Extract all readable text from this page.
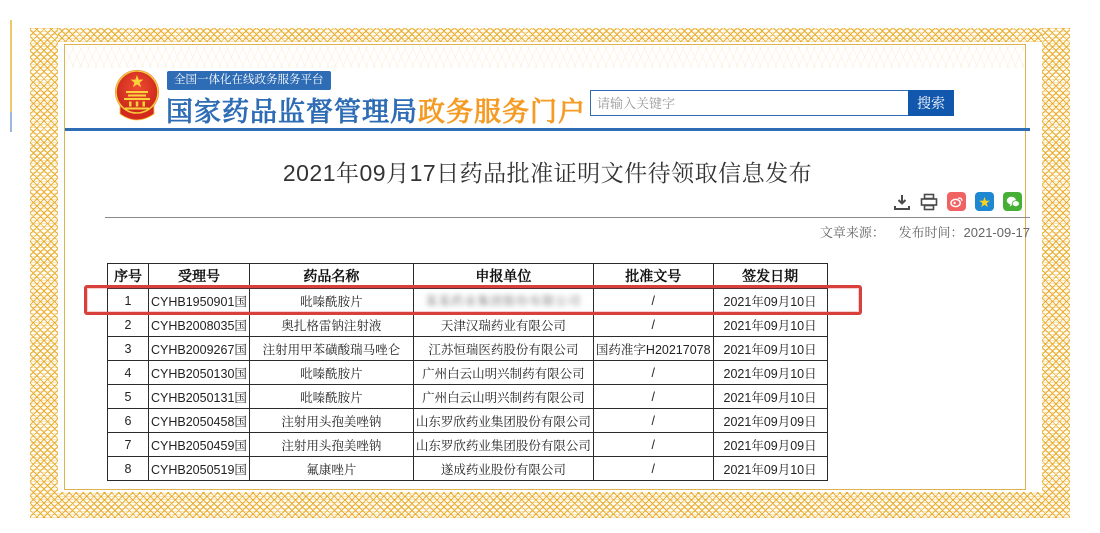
全国一体化在线政务服务平台
国家药品监督管理局政务服务门户
请输入关键字	搜索
2021年09月17日药品批准证明文件待领取信息发布
★
文章来源： 发布时间：2021-09-17
序号	受理号	药品名称	申报单位	批准文号	签发日期
1	CYHB1950901国	吡嗪酰胺片	某某药业集团股份有限公司	/	2021年09月10日
2	CYHB2008035国	奥扎格雷钠注射液	天津汉瑞药业有限公司	/	2021年09月10日
3	CYHB2009267国	注射用甲苯磺酸瑞马唑仑	江苏恒瑞医药股份有限公司	国药准字H20217078	2021年09月10日
4	CYHB2050130国	吡嗪酰胺片	广州白云山明兴制药有限公司	/	2021年09月10日
5	CYHB2050131国	吡嗪酰胺片	广州白云山明兴制药有限公司	/	2021年09月10日
6	CYHB2050458国	注射用头孢美唑钠	山东罗欣药业集团股份有限公司	/	2021年09月09日
7	CYHB2050459国	注射用头孢美唑钠	山东罗欣药业集团股份有限公司	/	2021年09月09日
8	CYHB2050519国	氟康唑片	遂成药业股份有限公司	/	2021年09月10日
